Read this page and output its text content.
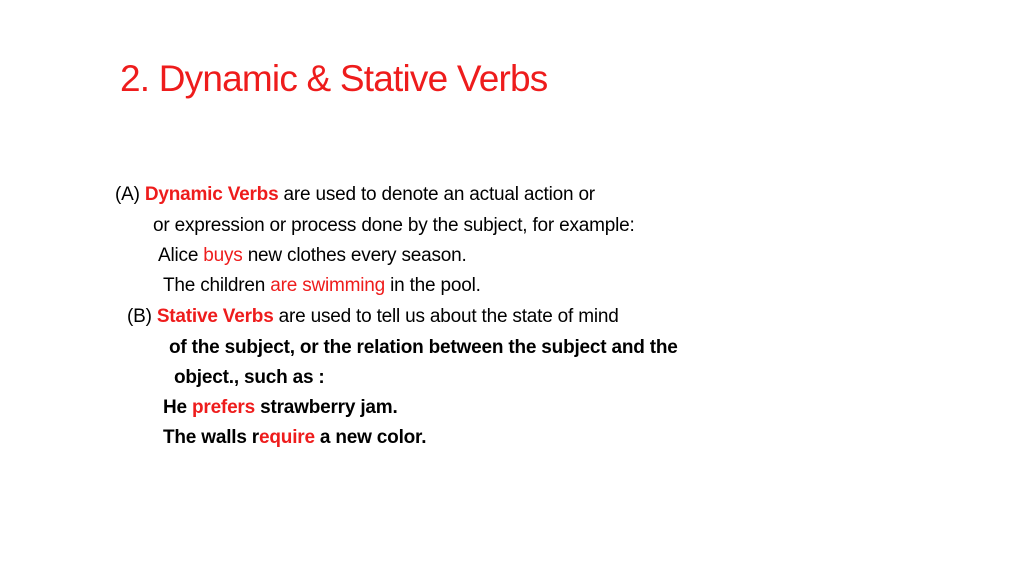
2. Dynamic & Stative Verbs
(A) Dynamic Verbs are used to denote an actual action or
or expression or process done by the subject, for example:
Alice buys new clothes every season.
The children are swimming in the pool.
(B) Stative Verbs are used to tell us about the state of mind
of the subject, or the relation between the subject and the
object., such as :
He prefers strawberry jam.
The walls require a new color.
